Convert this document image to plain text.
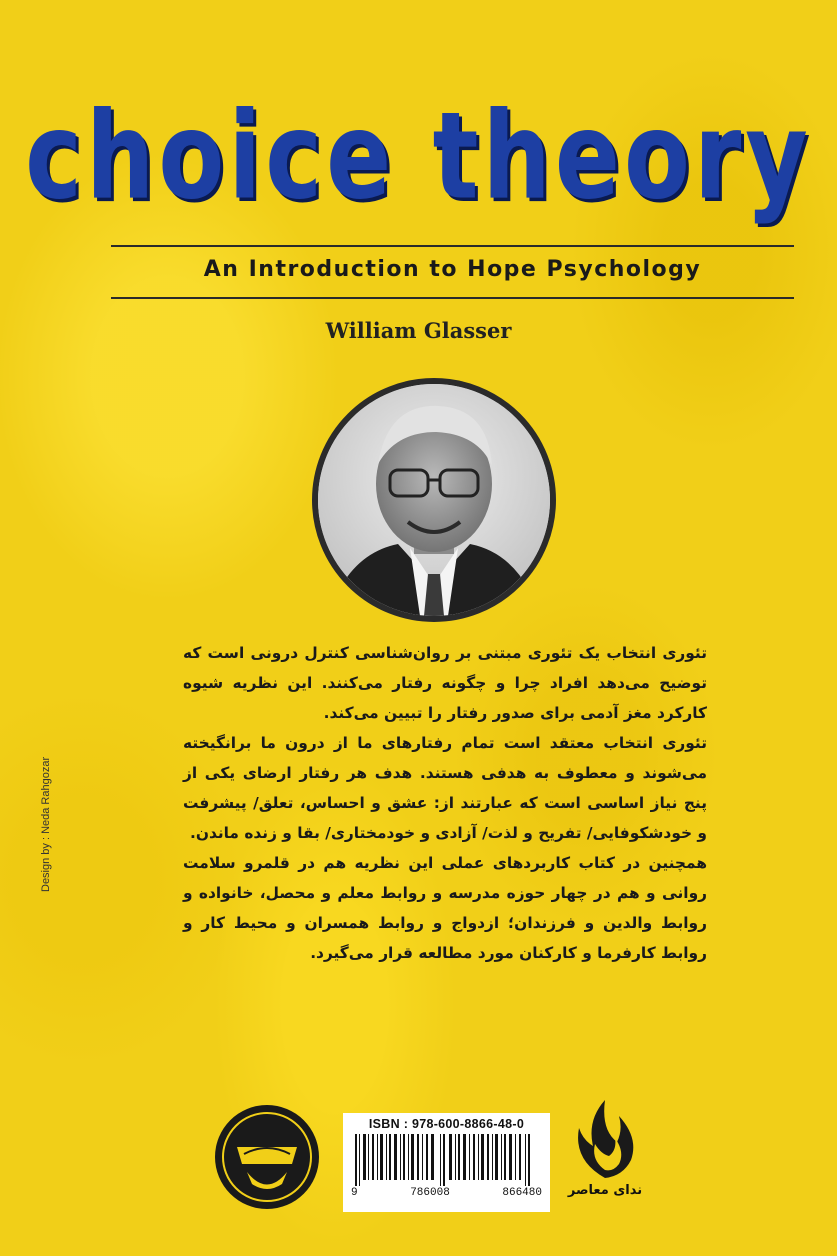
choice theory
An Introduction to Hope Psychology
William Glasser

تئوری انتخاب یک تئوری مبتنی بر روان‌شناسی کنترل درونی است که توضیح می‌دهد افراد چرا و چگونه رفتار می‌کنند. این نظریه شیوه کارکرد مغز آدمی برای صدور رفتار را تبیین می‌کند.

تئوری انتخاب معتقد است تمام رفتارهای ما از درون ما برانگیخته می‌شوند و معطوف به هدفی هستند. هدف هر رفتار ارضای یکی از پنج نیاز اساسی است که عبارتند از: عشق و احساس، تعلق/ پیشرفت و خودشکوفایی/ تفریح و لذت/ آزادی و خودمختاری/ بقا و زنده ماندن.

همچنین در کتاب کاربردهای عملی این نظریه هم در قلمرو سلامت روانی و هم در چهار حوزه مدرسه و روابط معلم و محصل، خانواده و روابط والدین و فرزندان؛ ازدواج و روابط همسران و محیط کار و روابط کارفرما و کارکنان مورد مطالعه قرار می‌گیرد.

Design by : Neda Rahgozar
ISBN : 978-600-8866-48-0
9	786008	866480	ندای معاصر
